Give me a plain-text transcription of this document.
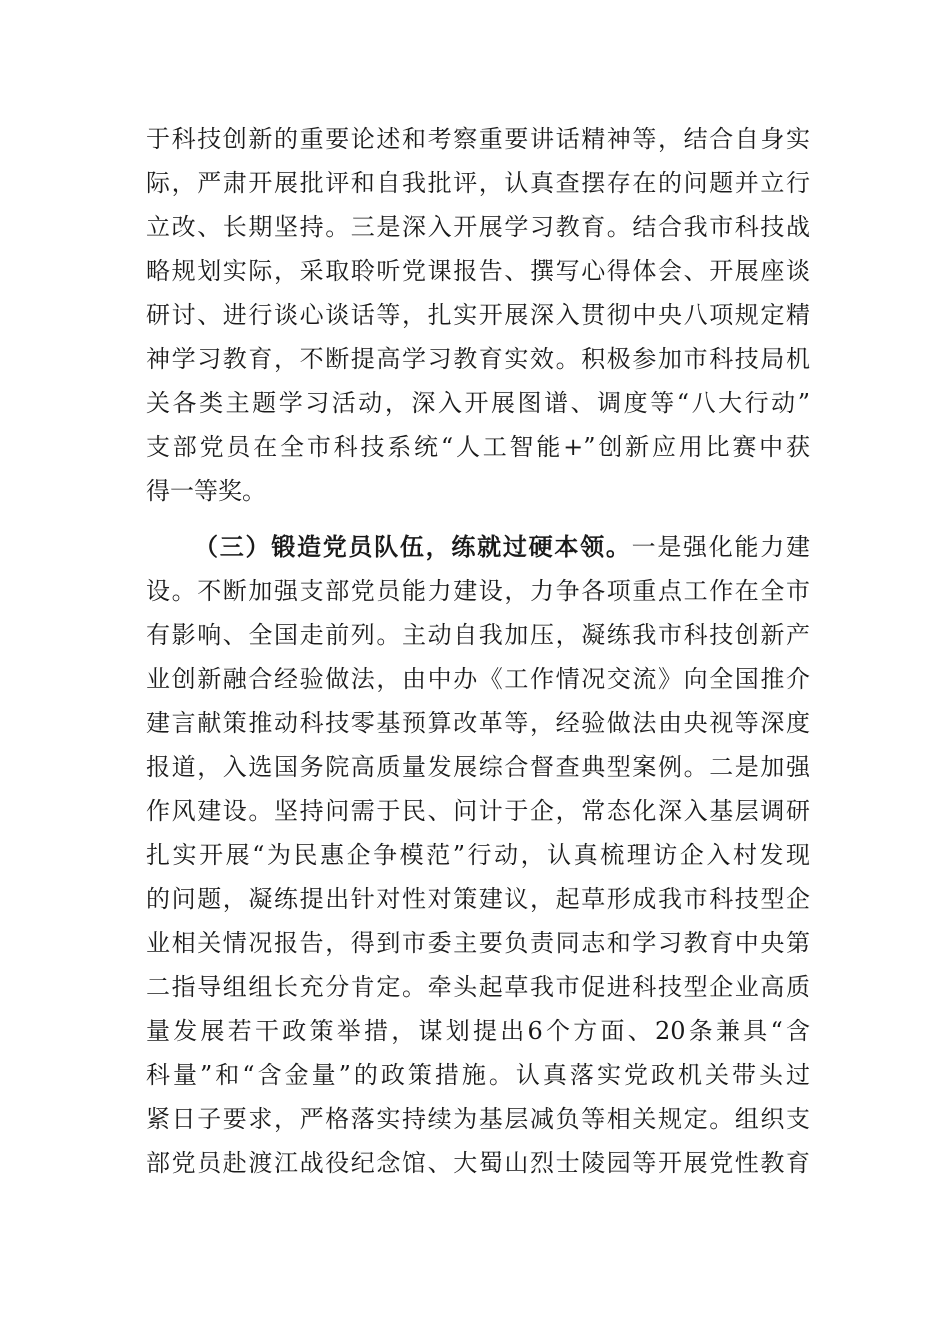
于科技创新的重要论述和考察重要讲话精神等，结合自身实
际，严肃开展批评和自我批评，认真查摆存在的问题并立行
立改、长期坚持。三是深入开展学习教育。结合我市科技战
略规划实际，采取聆听党课报告、撰写心得体会、开展座谈
研讨、进行谈心谈话等，扎实开展深入贯彻中央八项规定精
神学习教育，不断提高学习教育实效。积极参加市科技局机
关各类主题学习活动，深入开展图谱、调度等“八大行动”
支部党员在全市科技系统“人工智能+”创新应用比赛中获
得一等奖。
（三）锻造党员队伍，练就过硬本领。一是强化能力建
设。不断加强支部党员能力建设，力争各项重点工作在全市
有影响、全国走前列。主动自我加压，凝练我市科技创新产
业创新融合经验做法，由中办《工作情况交流》向全国推介
建言献策推动科技零基预算改革等，经验做法由央视等深度
报道，入选国务院高质量发展综合督查典型案例。二是加强
作风建设。坚持问需于民、问计于企，常态化深入基层调研
扎实开展“为民惠企争模范”行动，认真梳理访企入村发现
的问题，凝练提出针对性对策建议，起草形成我市科技型企
业相关情况报告，得到市委主要负责同志和学习教育中央第
二指导组组长充分肯定。牵头起草我市促进科技型企业高质
量发展若干政策举措，谋划提出6个方面、20条兼具“含
科量”和“含金量”的政策措施。认真落实党政机关带头过
紧日子要求，严格落实持续为基层减负等相关规定。组织支
部党员赴渡江战役纪念馆、大蜀山烈士陵园等开展党性教育
